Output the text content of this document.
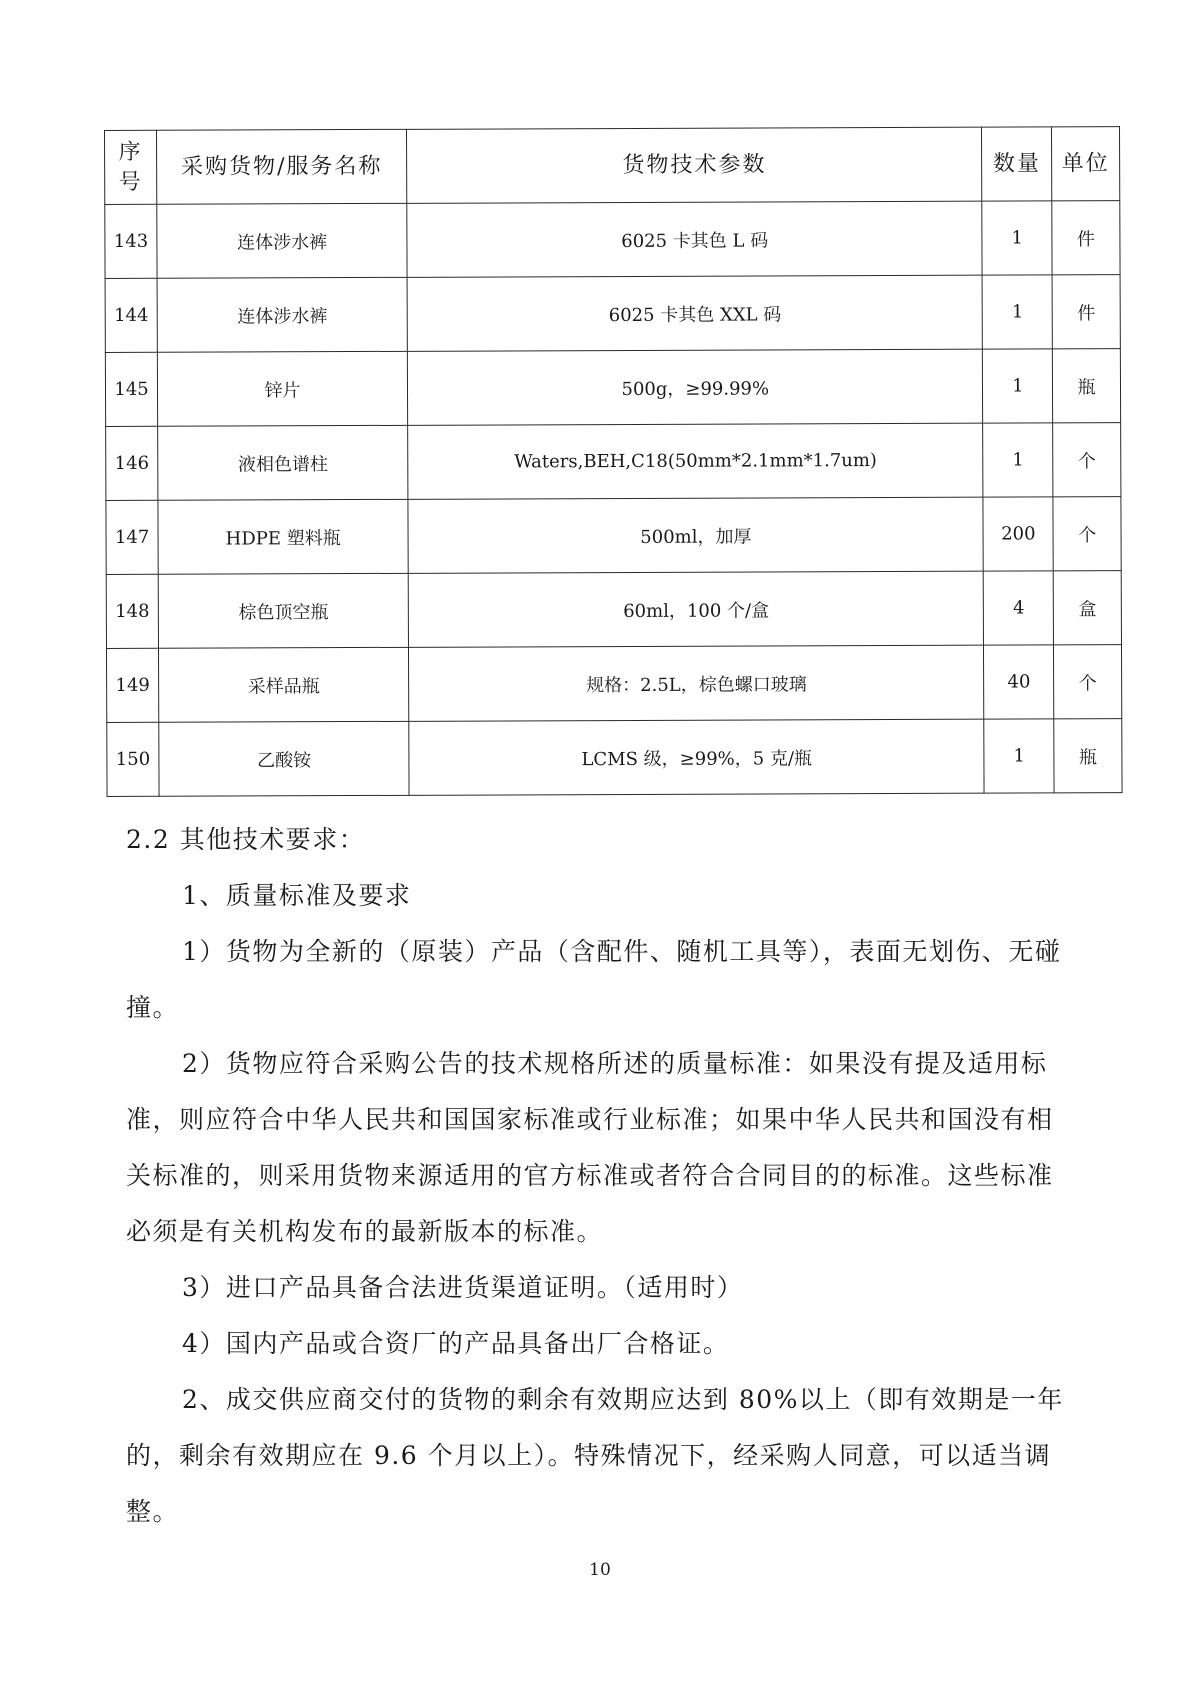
序号	采购货物/服务名称	货物技术参数	数量	单位
143	连体涉水裤	6025 卡其色 L 码	1	件
144	连体涉水裤	6025 卡其色 XXL 码	1	件
145	锌片	500g，≥99.99%	1	瓶
146	液相色谱柱	Waters,BEH,C18(50mm*2.1mm*1.7um)	1	个
147	HDPE 塑料瓶	500ml，加厚	200	个
148	棕色顶空瓶	60ml，100 个/盒	4	盒
149	采样品瓶	规格：2.5L，棕色螺口玻璃	40	个
150	乙酸铵	LCMS 级，≥99%，5 克/瓶	1	瓶

2.2 其他技术要求：

1、质量标准及要求

1）货物为全新的（原装）产品（含配件、随机工具等），表面无划伤、无碰撞。

2）货物应符合采购公告的技术规格所述的质量标准：如果没有提及适用标准，则应符合中华人民共和国国家标准或行业标准；如果中华人民共和国没有相关标准的，则采用货物来源适用的官方标准或者符合合同目的的标准。这些标准必须是有关机构发布的最新版本的标准。

3）进口产品具备合法进货渠道证明。（适用时）

4）国内产品或合资厂的产品具备出厂合格证。

2、成交供应商交付的货物的剩余有效期应达到 80%以上（即有效期是一年的，剩余有效期应在 9.6 个月以上）。特殊情况下，经采购人同意，可以适当调整。

10
